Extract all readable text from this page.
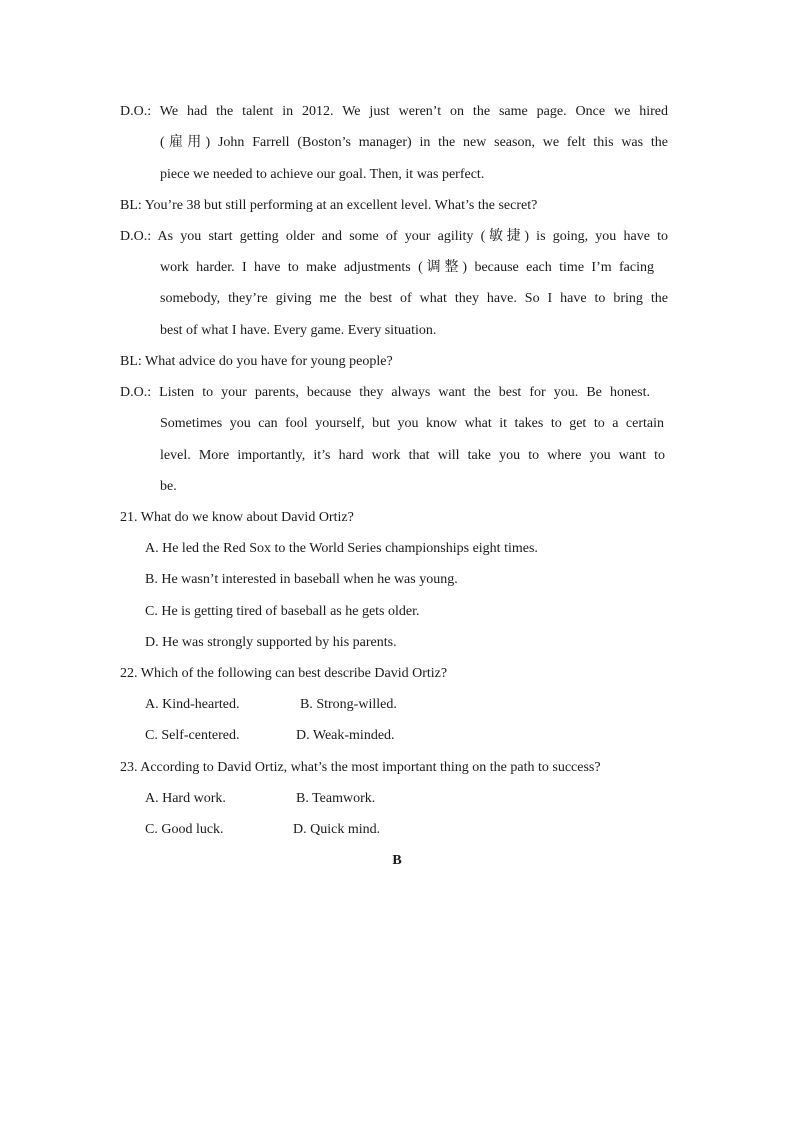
D.O.: We had the talent in 2012. We just weren’t on the same page. Once we hired
(雇用) John Farrell (Boston’s manager) in the new season, we felt this was the
piece we needed to achieve our goal. Then, it was perfect.
BL: You’re 38 but still performing at an excellent level. What’s the secret?
D.O.: As you start getting older and some of your agility (敏捷) is going, you have to
work harder. I have to make adjustments (调整) because each time I’m facing
somebody, they’re giving me the best of what they have. So I have to bring the
best of what I have. Every game. Every situation.
BL: What advice do you have for young people?
D.O.: Listen to your parents, because they always want the best for you. Be honest.
Sometimes you can fool yourself, but you know what it takes to get to a certain
level. More importantly, it’s hard work that will take you to where you want to
be.
21. What do we know about David Ortiz?
A. He led the Red Sox to the World Series championships eight times.
B. He wasn’t interested in baseball when he was young.
C. He is getting tired of baseball as he gets older.
D. He was strongly supported by his parents.
22. Which of the following can best describe David Ortiz?
A. Kind-hearted.	B. Strong-willed.
C. Self-centered.	D. Weak-minded.
23. According to David Ortiz, what’s the most important thing on the path to success?
A. Hard work.	B. Teamwork.
C. Good luck.	D. Quick mind.
B
